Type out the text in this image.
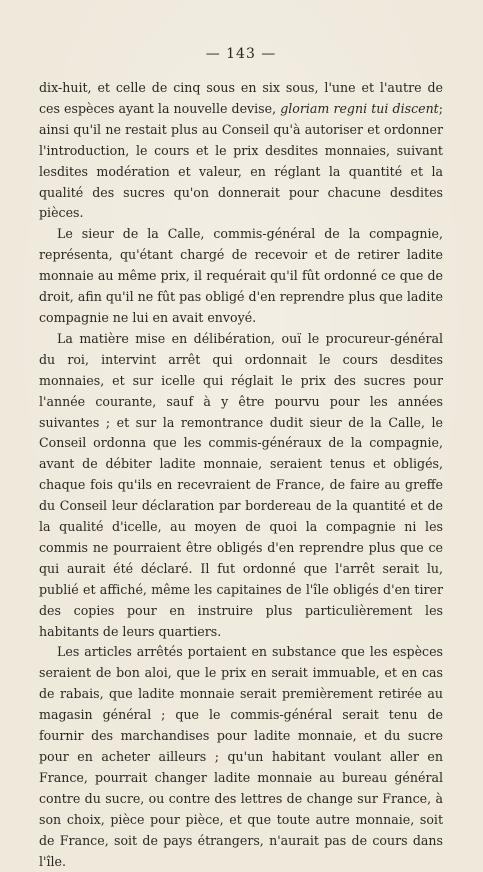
— 143 —

dix-huit, et celle de cinq sous en six sous, l'une et l'autre de ces espèces ayant la nouvelle devise, gloriam regni tui discent; ainsi qu'il ne restait plus au Conseil qu'à autoriser et ordonner l'introduction, le cours et le prix desdites monnaies, suivant lesdites modération et valeur, en réglant la quantité et la qualité des sucres qu'on donnerait pour chacune desdites pièces.

Le sieur de la Calle, commis-général de la compagnie, représenta, qu'étant chargé de recevoir et de retirer ladite monnaie au même prix, il requérait qu'il fût ordonné ce que de droit, afin qu'il ne fût pas obligé d'en reprendre plus que ladite compagnie ne lui en avait envoyé.

La matière mise en délibération, ouï le procureur-général du roi, intervint arrêt qui ordonnait le cours desdites monnaies, et sur icelle qui réglait le prix des sucres pour l'année courante, sauf à y être pourvu pour les années suivantes ; et sur la remontrance dudit sieur de la Calle, le Conseil ordonna que les commis-généraux de la compagnie, avant de débiter ladite monnaie, seraient tenus et obligés, chaque fois qu'ils en recevraient de France, de faire au greffe du Conseil leur déclaration par bordereau de la quantité et de la qualité d'icelle, au moyen de quoi la compagnie ni les commis ne pourraient être obligés d'en reprendre plus que ce qui aurait été déclaré. Il fut ordonné que l'arrêt serait lu, publié et affiché, même les capitaines de l'île obligés d'en tirer des copies pour en instruire plus particulièrement les habitants de leurs quartiers.

Les articles arrêtés portaient en substance que les espèces seraient de bon aloi, que le prix en serait immuable, et en cas de rabais, que ladite monnaie serait premièrement retirée au magasin général ; que le commis-général serait tenu de fournir des marchandises pour ladite monnaie, et du sucre pour en acheter ailleurs ; qu'un habitant voulant aller en France, pourrait changer ladite monnaie au bureau général contre du sucre, ou contre des lettres de change sur France, à son choix, pièce pour pièce, et que toute autre monnaie, soit de France, soit de pays étrangers, n'aurait pas de cours dans l'île.
